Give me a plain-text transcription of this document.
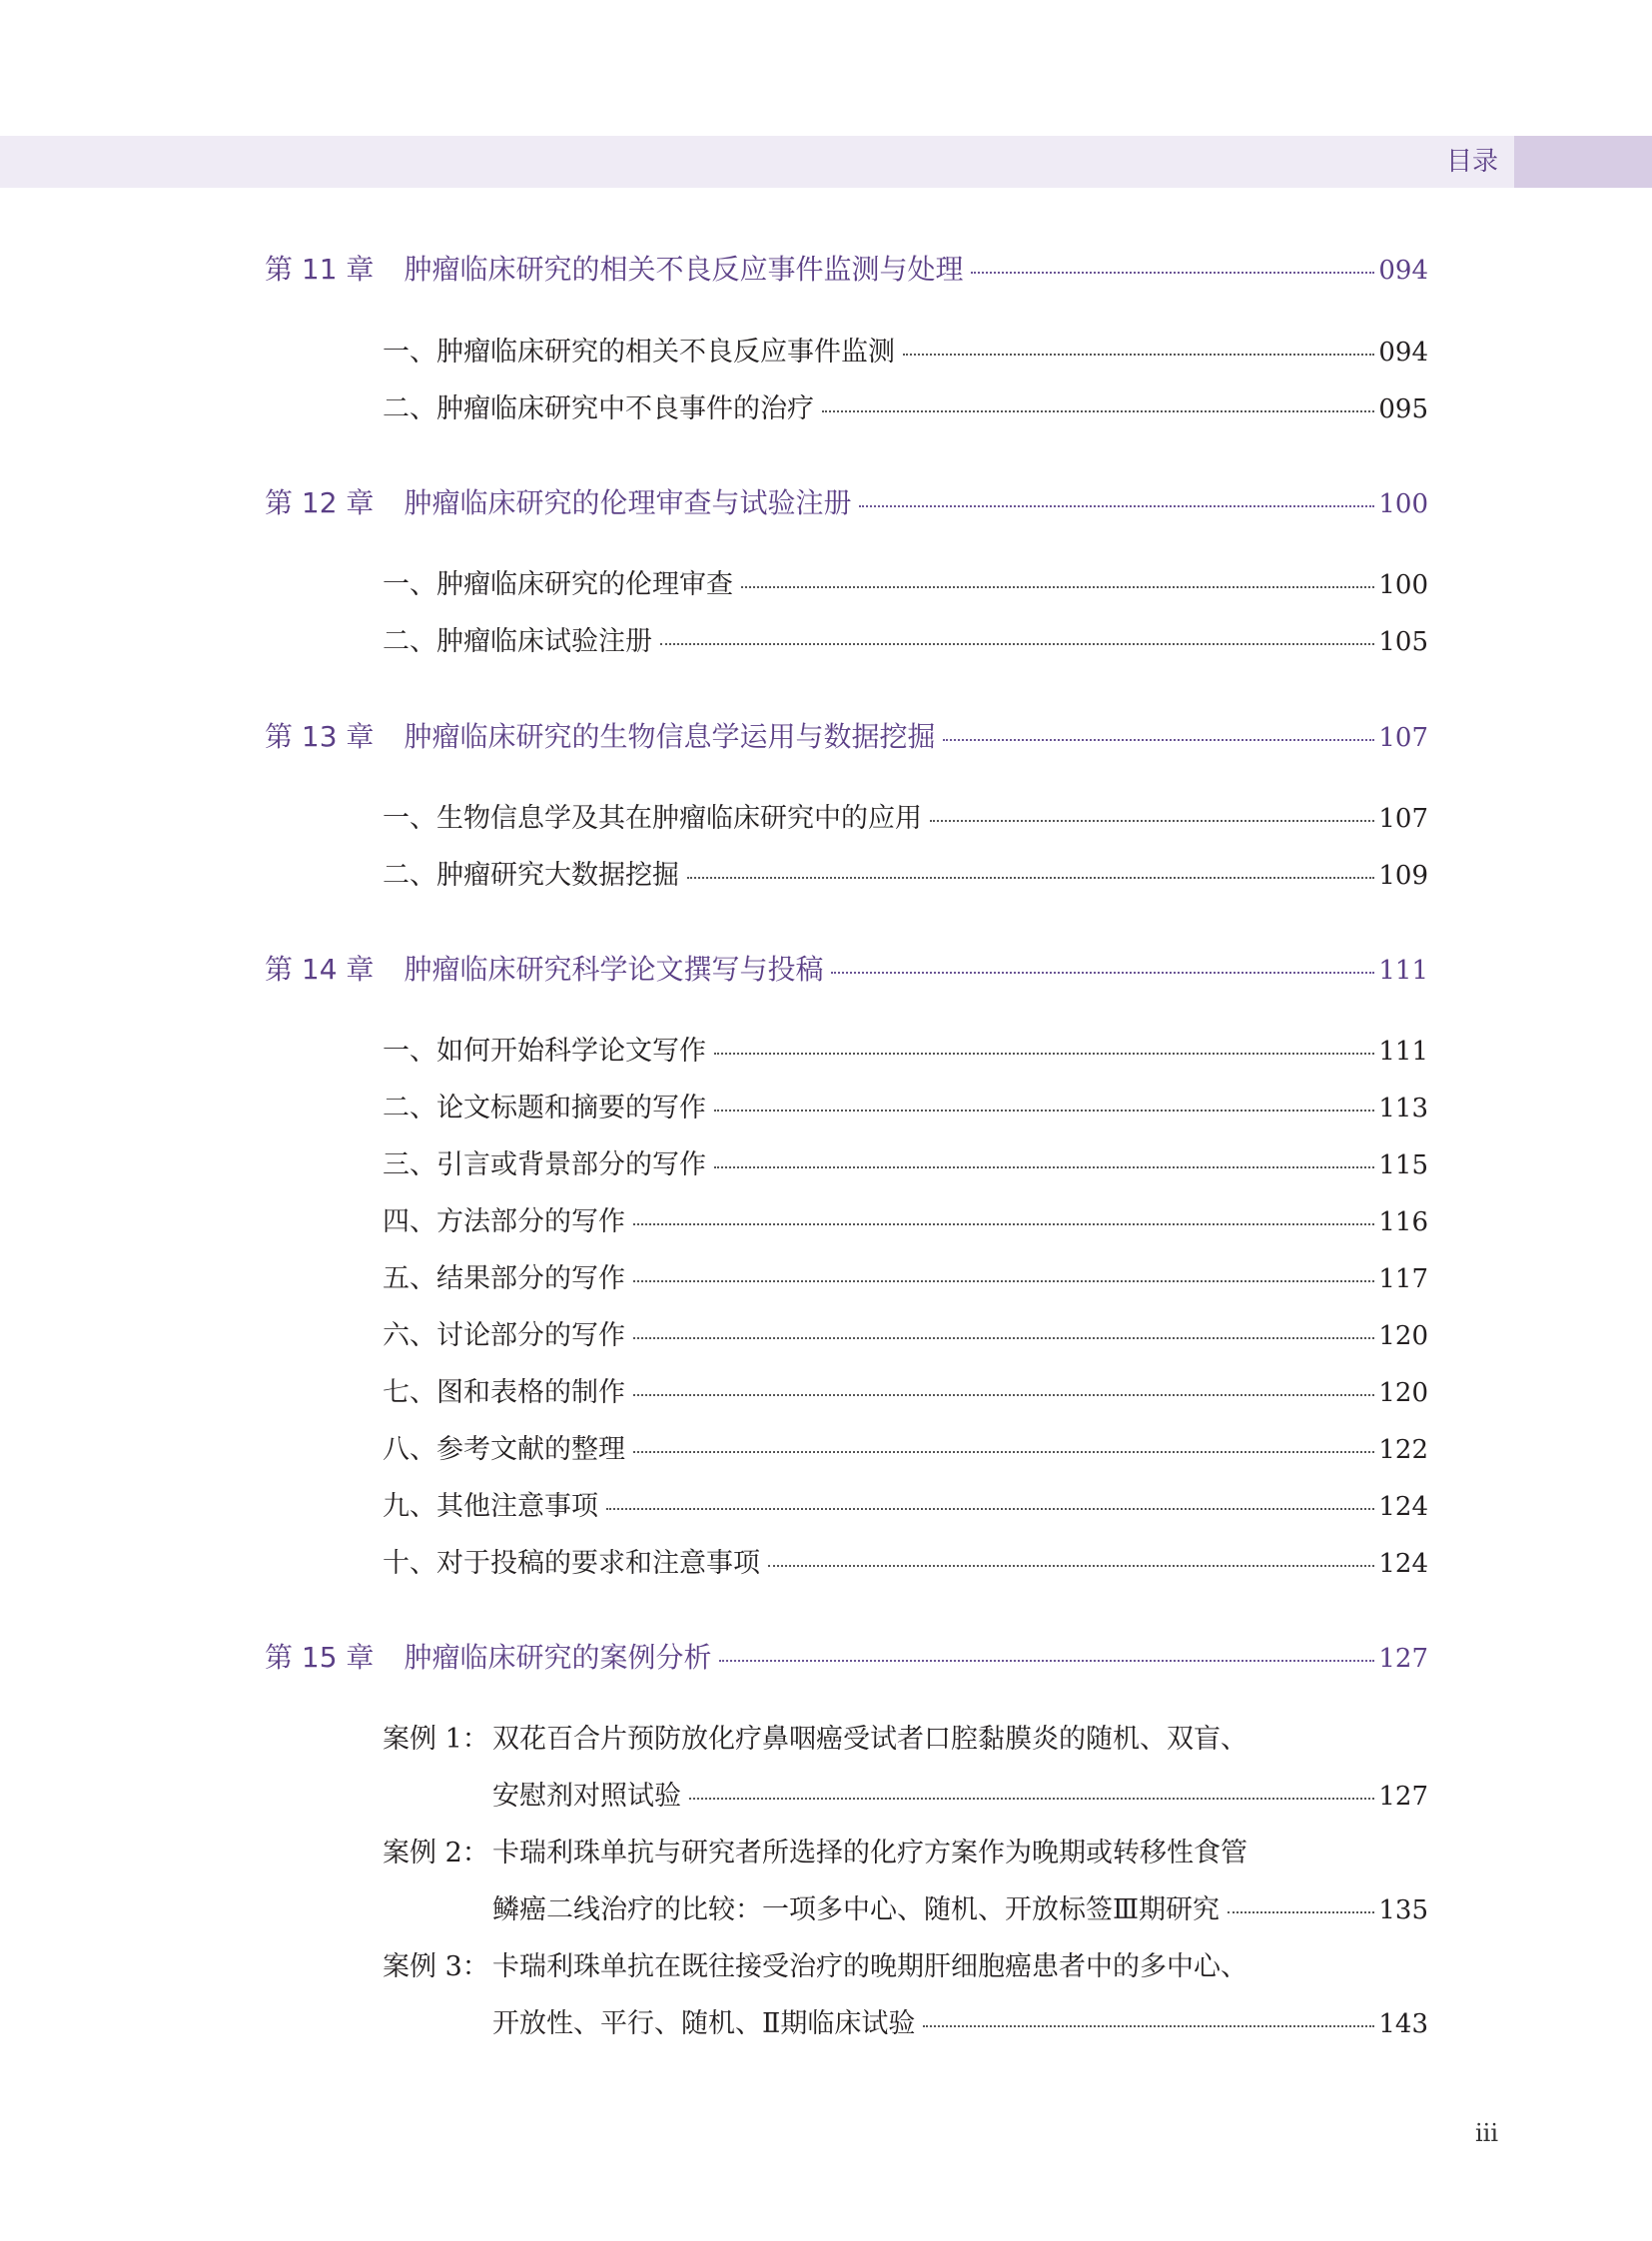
目录
第 11 章 肿瘤临床研究的相关不良反应事件监测与处理	094
一、肿瘤临床研究的相关不良反应事件监测	094
二、肿瘤临床研究中不良事件的治疗	095
第 12 章 肿瘤临床研究的伦理审查与试验注册	100
一、肿瘤临床研究的伦理审查	100
二、肿瘤临床试验注册	105
第 13 章 肿瘤临床研究的生物信息学运用与数据挖掘	107
一、生物信息学及其在肿瘤临床研究中的应用	107
二、肿瘤研究大数据挖掘	109
第 14 章 肿瘤临床研究科学论文撰写与投稿	111
一、如何开始科学论文写作	111
二、论文标题和摘要的写作	113
三、引言或背景部分的写作	115
四、方法部分的写作	116
五、结果部分的写作	117
六、讨论部分的写作	120
七、图和表格的制作	120
八、参考文献的整理	122
九、其他注意事项	124
十、对于投稿的要求和注意事项	124
第 15 章 肿瘤临床研究的案例分析	127
案例 1： 双花百合片预防放化疗鼻咽癌受试者口腔黏膜炎的随机、双盲、
安慰剂对照试验	127
案例 2： 卡瑞利珠单抗与研究者所选择的化疗方案作为晚期或转移性食管
鳞癌二线治疗的比较：一项多中心、随机、开放标签Ⅲ期研究	135
案例 3： 卡瑞利珠单抗在既往接受治疗的晚期肝细胞癌患者中的多中心、
开放性、平行、随机、Ⅱ期临床试验	143
iii
